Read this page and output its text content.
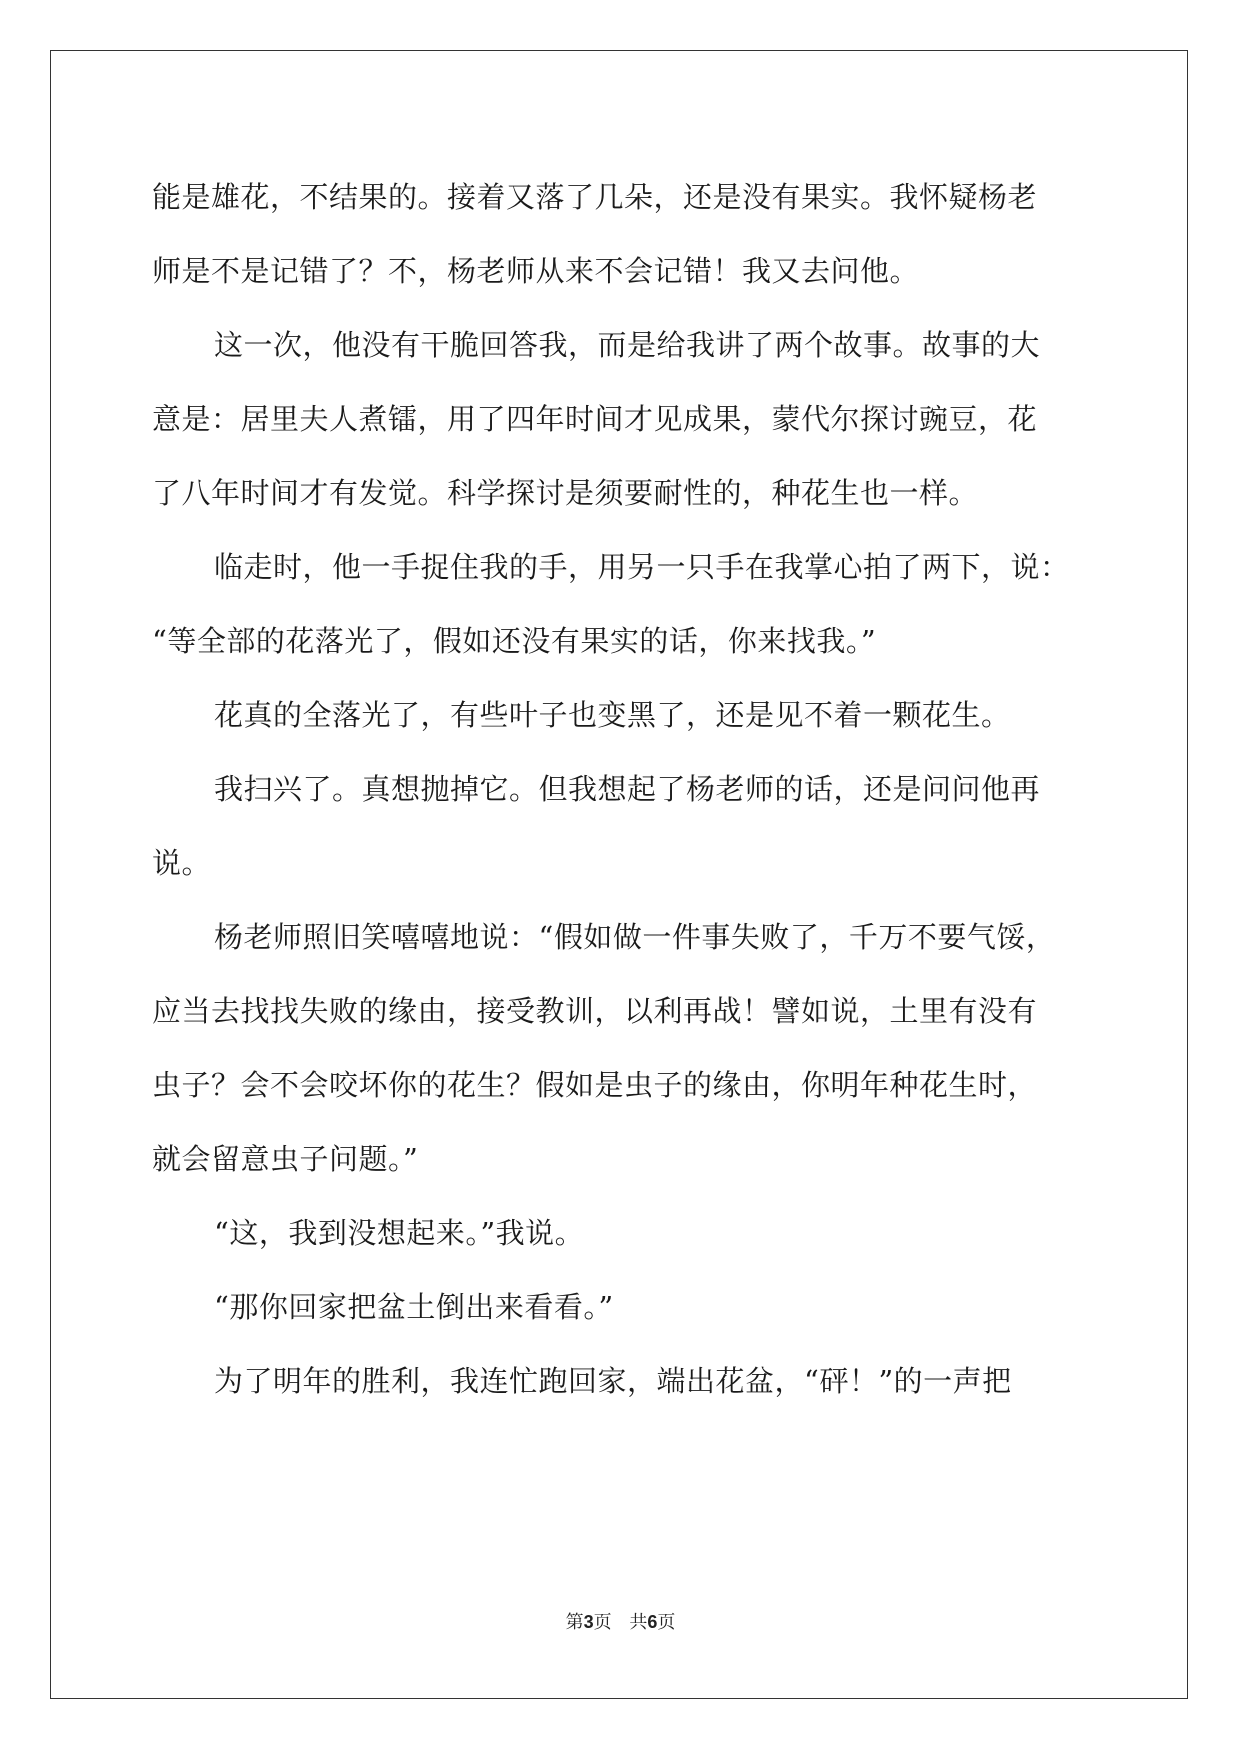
能是雄花，不结果的。接着又落了几朵，还是没有果实。我怀疑杨老
师是不是记错了？不，杨老师从来不会记错！我又去问他。
这一次，他没有干脆回答我，而是给我讲了两个故事。故事的大
意是：居里夫人煮镭，用了四年时间才见成果，蒙代尔探讨豌豆，花
了八年时间才有发觉。科学探讨是须要耐性的，种花生也一样。
临走时，他一手捉住我的手，用另一只手在我掌心拍了两下，说：
“等全部的花落光了，假如还没有果实的话，你来找我。”
花真的全落光了，有些叶子也变黑了，还是见不着一颗花生。
我扫兴了。真想抛掉它。但我想起了杨老师的话，还是问问他再
说。
杨老师照旧笑嘻嘻地说：“假如做一件事失败了，千万不要气馁，
应当去找找失败的缘由，接受教训，以利再战！譬如说，土里有没有
虫子？会不会咬坏你的花生？假如是虫子的缘由，你明年种花生时，
就会留意虫子问题。”
“这，我到没想起来。”我说。
“那你回家把盆土倒出来看看。”
为了明年的胜利，我连忙跑回家，端出花盆，“砰！”的一声把
第3页 共6页
